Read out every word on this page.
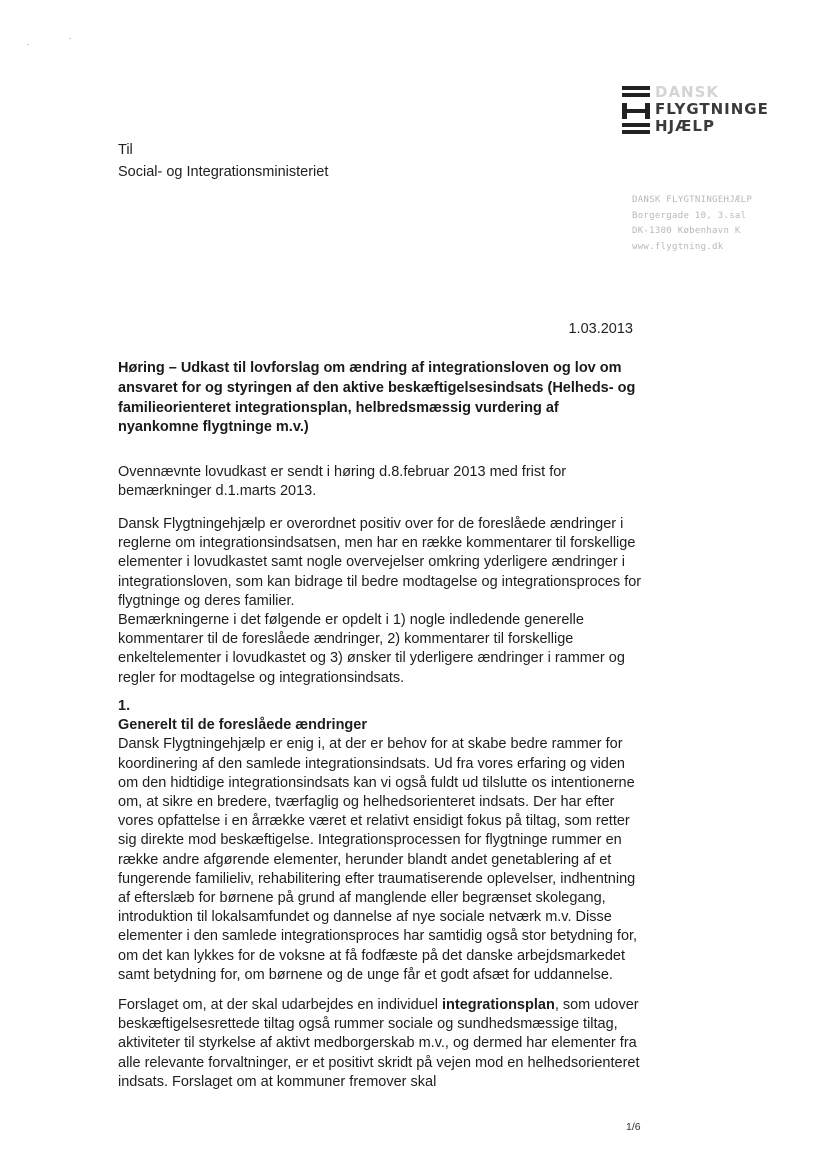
DANSK
FLYGTNINGE
HJÆLP
DANSK FLYGTNINGEHJÆLP
Borgergade 10, 3.sal
DK-1300 København K
www.flygtning.dk
Til
Social- og Integrationsministeriet
1.03.2013
Høring – Udkast til lovforslag om ændring af integrationsloven og lov om ansvaret for og styringen af den aktive beskæftigelsesindsats (Helheds- og familieorienteret integrationsplan, helbredsmæssig vurdering af nyankomne flygtninge m.v.)
Ovennævnte lovudkast er sendt i høring d.8.februar 2013 med frist for bemærkninger d.1.marts 2013.
Dansk Flygtningehjælp er overordnet positiv over for de foreslåede ændringer i reglerne om integrationsindsatsen, men har en række kommentarer til forskellige elementer i lovudkastet samt nogle overvejelser omkring yderligere ændringer i integrationsloven, som kan bidrage til bedre modtagelse og integrationsproces for flygtninge og deres familier.
Bemærkningerne i det følgende er opdelt i 1) nogle indledende generelle kommentarer til de foreslåede ændringer, 2) kommentarer til forskellige enkeltelementer i lovudkastet og 3) ønsker til yderligere ændringer i rammer og regler for modtagelse og integrationsindsats.
1.
Generelt til de foreslåede ændringer
Dansk Flygtningehjælp er enig i, at der er behov for at skabe bedre rammer for koordinering af den samlede integrationsindsats. Ud fra vores erfaring og viden om den hidtidige integrationsindsats kan vi også fuldt ud tilslutte os intentionerne om, at sikre en bredere, tværfaglig og helhedsorienteret indsats. Der har efter vores opfattelse i en årrække været et relativt ensidigt fokus på tiltag, som retter sig direkte mod beskæftigelse. Integrationsprocessen for flygtninge rummer en række andre afgørende elementer, herunder blandt andet genetablering af et fungerende familieliv, rehabilitering efter traumatiserende oplevelser, indhentning af efterslæb for børnene på grund af manglende eller begrænset skolegang, introduktion til lokalsamfundet og dannelse af nye sociale netværk m.v. Disse elementer i den samlede integrationsproces har samtidig også stor betydning for, om det kan lykkes for de voksne at få fodfæste på det danske arbejdsmarkedet samt betydning for, om børnene og de unge får et godt afsæt for uddannelse.
Forslaget om, at der skal udarbejdes en individuel integrationsplan, som udover beskæftigelsesrettede tiltag også rummer sociale og sundhedsmæssige tiltag, aktiviteter til styrkelse af aktivt medborgerskab m.v., og dermed har elementer fra alle relevante forvaltninger, er et positivt skridt på vejen mod en helhedsorienteret indsats. Forslaget om at kommuner fremover skal
1/6
